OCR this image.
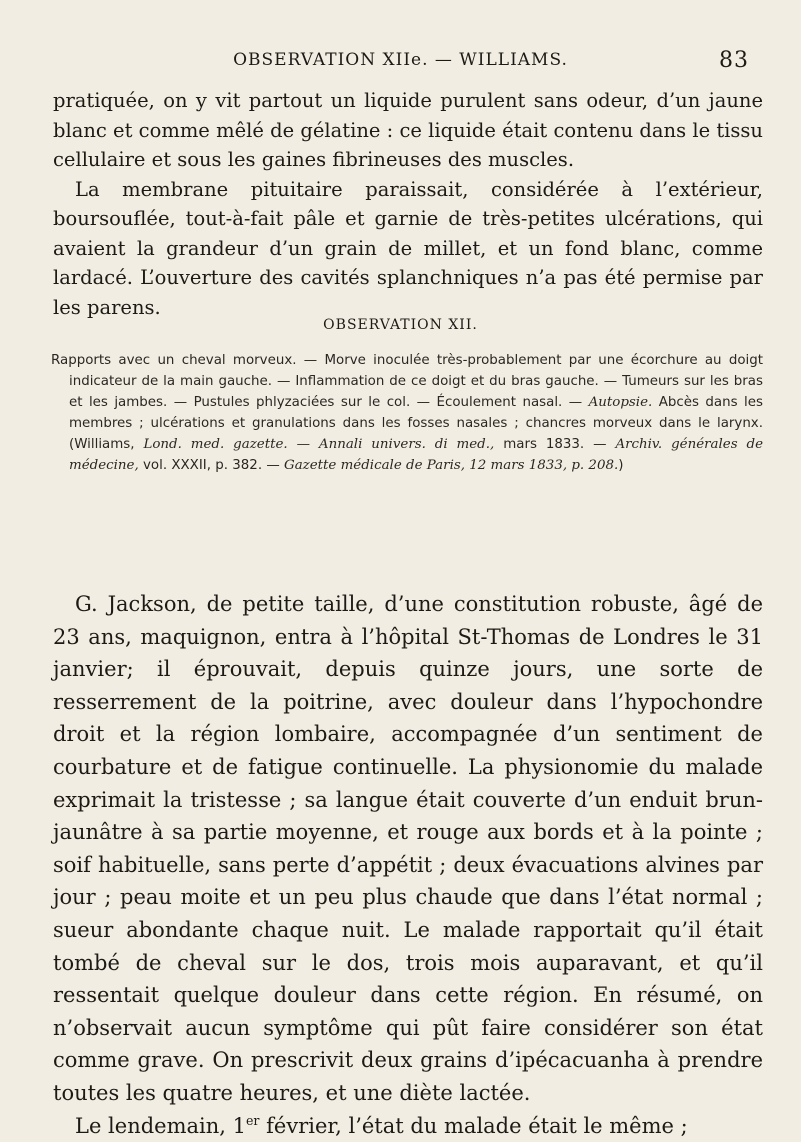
OBSERVATION XIIe. — WILLIAMS.	83

pratiquée, on y vit partout un liquide purulent sans odeur, d’un jaune blanc et comme mêlé de gélatine : ce liquide était contenu dans le tissu cellulaire et sous les gaines fibrineuses des muscles.

La membrane pituitaire paraissait, considérée à l’extérieur, boursouflée, tout-à-fait pâle et garnie de très-petites ulcérations, qui avaient la grandeur d’un grain de millet, et un fond blanc, comme lardacé. L’ouverture des cavités splanchniques n’a pas été permise par les parens.

OBSERVATION XII.

Rapports avec un cheval morveux. — Morve inoculée très-probablement par une écorchure au doigt indicateur de la main gauche. — Inflammation de ce doigt et du bras gauche. — Tumeurs sur les bras et les jambes. — Pustules phlyzaciées sur le col. — Écoulement nasal. — Autopsie. Abcès dans les membres ; ulcérations et granulations dans les fosses nasales ; chancres morveux dans le larynx. (Williams, Lond. med. gazette. — Annali univers. di med., mars 1833. — Archiv. générales de médecine, vol. XXXII, p. 382. — Gazette médicale de Paris, 12 mars 1833, p. 208.)

G. Jackson, de petite taille, d’une constitution robuste, âgé de 23 ans, maquignon, entra à l’hôpital St-Thomas de Londres le 31 janvier; il éprouvait, depuis quinze jours, une sorte de resserrement de la poitrine, avec douleur dans l’hypochondre droit et la région lombaire, accompagnée d’un sentiment de courbature et de fatigue continuelle. La physionomie du malade exprimait la tristesse ; sa langue était couverte d’un enduit brun-jaunâtre à sa partie moyenne, et rouge aux bords et à la pointe ; soif habituelle, sans perte d’appétit ; deux évacuations alvines par jour ; peau moite et un peu plus chaude que dans l’état normal ; sueur abondante chaque nuit. Le malade rapportait qu’il était tombé de cheval sur le dos, trois mois auparavant, et qu’il ressentait quelque douleur dans cette région. En résumé, on n’observait aucun symptôme qui pût faire considérer son état comme grave. On prescrivit deux grains d’ipécacuanha à prendre toutes les quatre heures, et une diète lactée.

Le lendemain, 1er février, l’état du malade était le même ;
